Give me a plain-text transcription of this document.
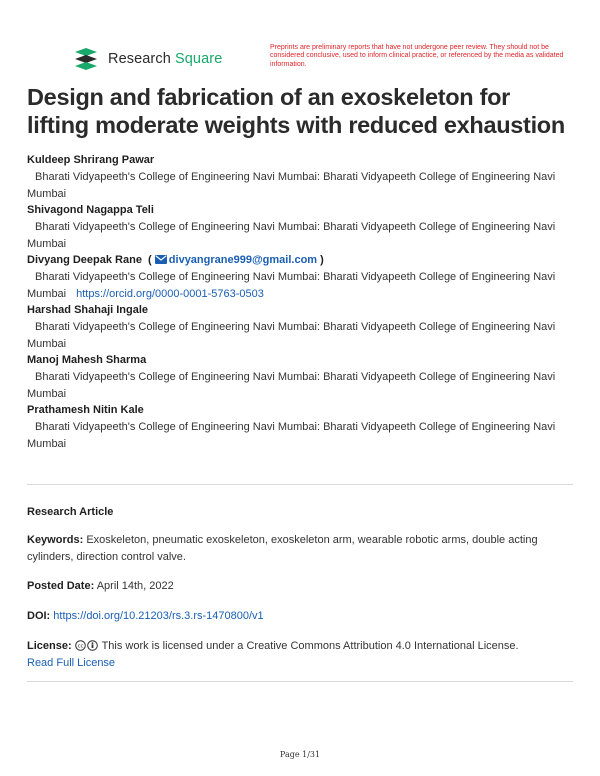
Research Square
Preprints are preliminary reports that have not undergone peer review. They should not be considered conclusive, used to inform clinical practice, or referenced by the media as validated information.
Design and fabrication of an exoskeleton for lifting moderate weights with reduced exhaustion
Kuldeep Shrirang Pawar
Bharati Vidyapeeth's College of Engineering Navi Mumbai: Bharati Vidyapeeth College of Engineering Navi Mumbai
Shivagond Nagappa Teli
Bharati Vidyapeeth's College of Engineering Navi Mumbai: Bharati Vidyapeeth College of Engineering Navi Mumbai
Divyang Deepak Rane  ( divyangrane999@gmail.com )
Bharati Vidyapeeth's College of Engineering Navi Mumbai: Bharati Vidyapeeth College of Engineering Navi Mumbai https://orcid.org/0000-0001-5763-0503
Harshad Shahaji Ingale
Bharati Vidyapeeth's College of Engineering Navi Mumbai: Bharati Vidyapeeth College of Engineering Navi Mumbai
Manoj Mahesh Sharma
Bharati Vidyapeeth's College of Engineering Navi Mumbai: Bharati Vidyapeeth College of Engineering Navi Mumbai
Prathamesh Nitin Kale
Bharati Vidyapeeth's College of Engineering Navi Mumbai: Bharati Vidyapeeth College of Engineering Navi Mumbai
Research Article
Keywords: Exoskeleton, pneumatic exoskeleton, exoskeleton arm, wearable robotic arms, double acting cylinders, direction control valve.
Posted Date: April 14th, 2022
DOI: https://doi.org/10.21203/rs.3.rs-1470800/v1
License: cc This work is licensed under a Creative Commons Attribution 4.0 International License.
Read Full License
Page 1/31
